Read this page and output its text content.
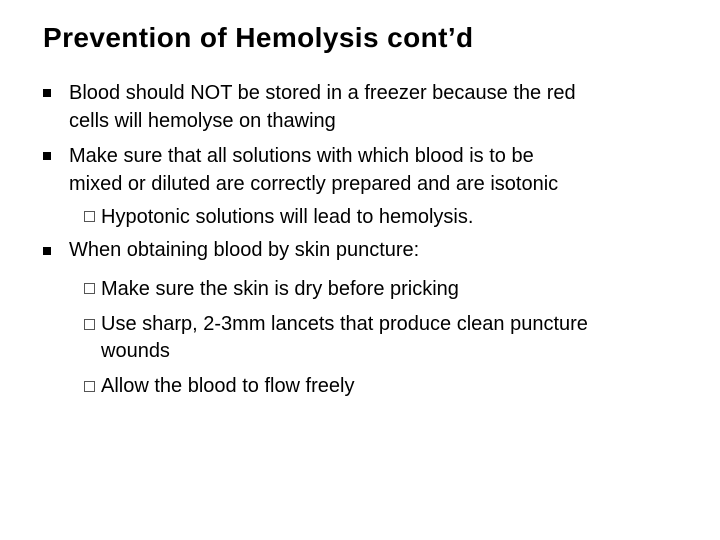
Prevention of Hemolysis cont’d
Blood should NOT be stored in a freezer because the red
cells will hemolyse on thawing
Make sure that all solutions with which blood is to be
mixed or diluted are correctly prepared and are isotonic
Hypotonic solutions will lead to hemolysis.
When obtaining blood by skin puncture:
Make sure the skin is dry before pricking
Use sharp, 2-3mm lancets that produce clean puncture
wounds
Allow the blood to flow freely
